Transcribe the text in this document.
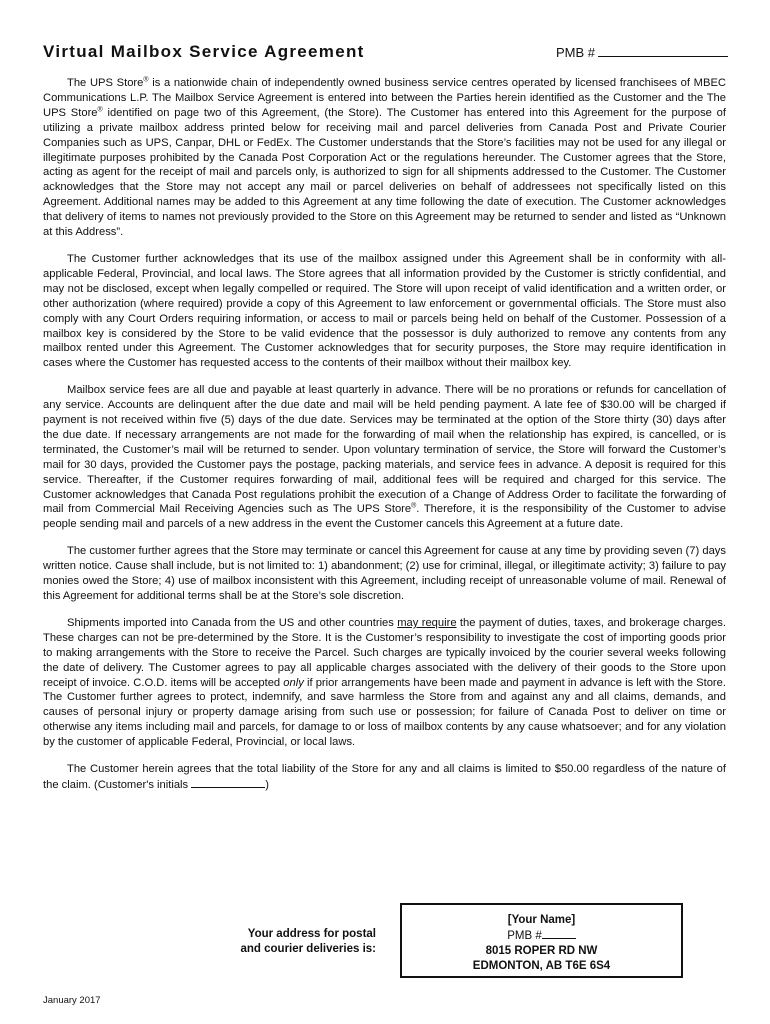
Virtual Mailbox Service Agreement	PMB #

The UPS Store® is a nationwide chain of independently owned business service centres operated by licensed franchisees of MBEC Communications L.P. The Mailbox Service Agreement is entered into between the Parties herein identified as the Customer and the The UPS Store® identified on page two of this Agreement, (the Store). The Customer has entered into this Agreement for the purpose of utilizing a private mailbox address printed below for receiving mail and parcel deliveries from Canada Post and Private Courier Companies such as UPS, Canpar, DHL or FedEx. The Customer understands that the Store’s facilities may not be used for any illegal or illegitimate purposes prohibited by the Canada Post Corporation Act or the regulations hereunder. The Customer agrees that the Store, acting as agent for the receipt of mail and parcels only, is authorized to sign for all shipments addressed to the Customer. The Customer acknowledges that the Store may not accept any mail or parcel deliveries on behalf of addressees not specifically listed on this Agreement. Additional names may be added to this Agreement at any time following the date of execution. The Customer acknowledges that delivery of items to names not previously provided to the Store on this Agreement may be returned to sender and listed as “Unknown at this Address”.

The Customer further acknowledges that its use of the mailbox assigned under this Agreement shall be in conformity with all-applicable Federal, Provincial, and local laws. The Store agrees that all information provided by the Customer is strictly confidential, and may not be disclosed, except when legally compelled or required. The Store will upon receipt of valid identification and a written order, or other authorization (where required) provide a copy of this Agreement to law enforcement or governmental officials. The Store must also comply with any Court Orders requiring information, or access to mail or parcels being held on behalf of the Customer. Possession of a mailbox key is considered by the Store to be valid evidence that the possessor is duly authorized to remove any contents from any mailbox rented under this Agreement. The Customer acknowledges that for security purposes, the Store may require identification in cases where the Customer has requested access to the contents of their mailbox without their mailbox key.

Mailbox service fees are all due and payable at least quarterly in advance. There will be no prorations or refunds for cancellation of any service. Accounts are delinquent after the due date and mail will be held pending payment. A late fee of $30.00 will be charged if payment is not received within five (5) days of the due date. Services may be terminated at the option of the Store thirty (30) days after the due date. If necessary arrangements are not made for the forwarding of mail when the relationship has expired, is cancelled, or is terminated, the Customer’s mail will be returned to sender. Upon voluntary termination of service, the Store will forward the Customer’s mail for 30 days, provided the Customer pays the postage, packing materials, and service fees in advance. A deposit is required for this service. Thereafter, if the Customer requires forwarding of mail, additional fees will be required and charged for this service. The Customer acknowledges that Canada Post regulations prohibit the execution of a Change of Address Order to facilitate the forwarding of mail from Commercial Mail Receiving Agencies such as The UPS Store®. Therefore, it is the responsibility of the Customer to advise people sending mail and parcels of a new address in the event the Customer cancels this Agreement at a future date.

The customer further agrees that the Store may terminate or cancel this Agreement for cause at any time by providing seven (7) days written notice. Cause shall include, but is not limited to: 1) abandonment; (2) use for criminal, illegal, or illegitimate activity; 3) failure to pay monies owed the Store; 4) use of mailbox inconsistent with this Agreement, including receipt of unreasonable volume of mail. Renewal of this Agreement for additional terms shall be at the Store’s sole discretion.

Shipments imported into Canada from the US and other countries may require the payment of duties, taxes, and brokerage charges. These charges can not be pre-determined by the Store. It is the Customer’s responsibility to investigate the cost of importing goods prior to making arrangements with the Store to receive the Parcel. Such charges are typically invoiced by the courier several weeks following the date of delivery. The Customer agrees to pay all applicable charges associated with the delivery of their goods to the Store upon receipt of invoice. C.O.D. items will be accepted only if prior arrangements have been made and payment in advance is left with the Store. The Customer further agrees to protect, indemnify, and save harmless the Store from and against any and all claims, demands, and causes of personal injury or property damage arising from such use or possession; for failure of Canada Post to deliver on time or otherwise any items including mail and parcels, for damage to or loss of mailbox contents by any cause whatsoever; and for any violation by the customer of applicable Federal, Provincial, or local laws.

The Customer herein agrees that the total liability of the Store for any and all claims is limited to $50.00 regardless of the nature of the claim. (Customer's initials	)

Your address for postal
and courier deliveries is:
[Your Name]
PMB #
8015 ROPER RD NW
EDMONTON, AB T6E 6S4
January 2017
